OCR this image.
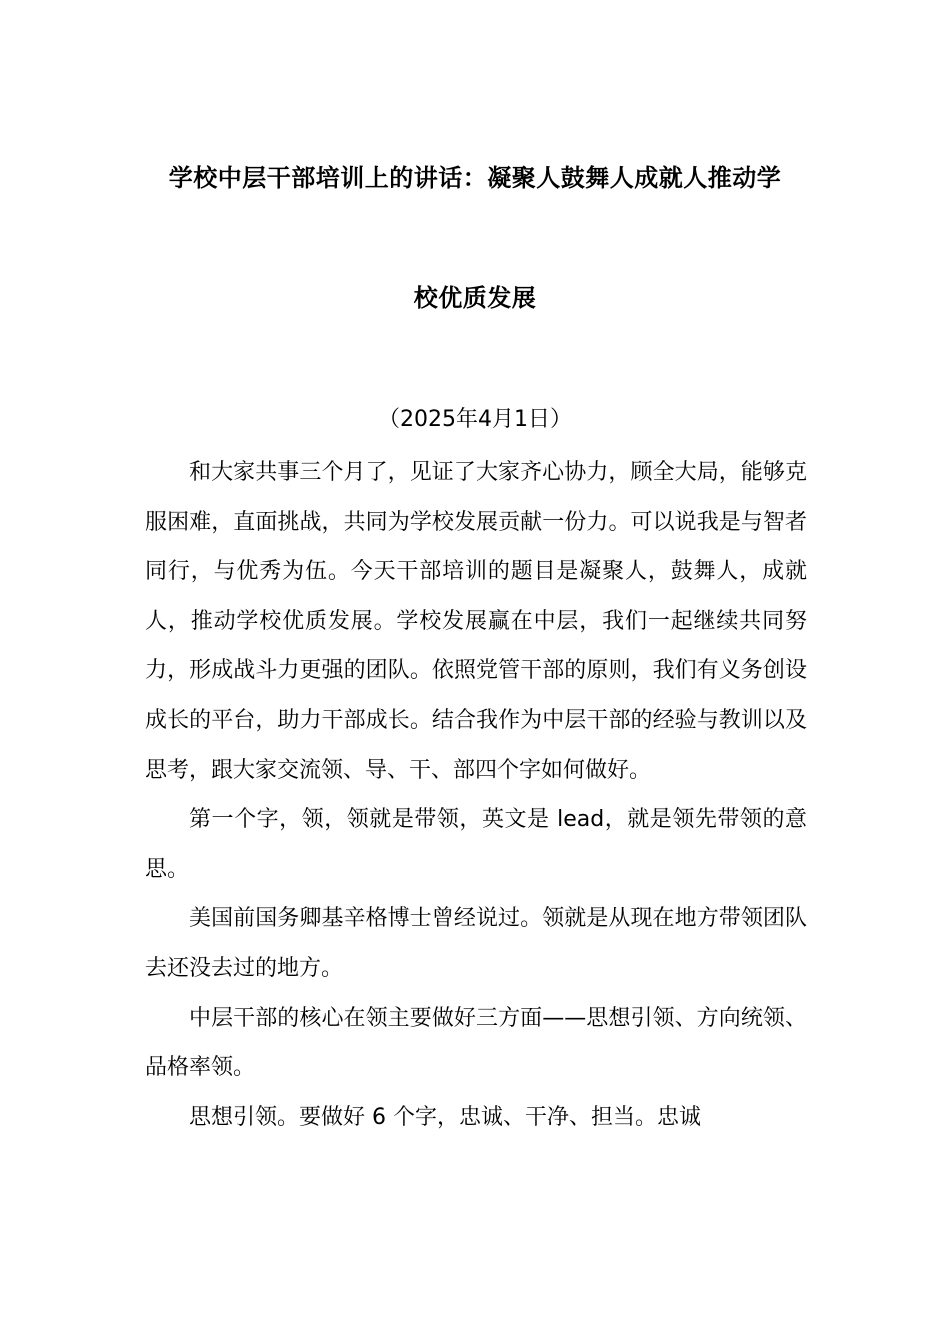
学校中层干部培训上的讲话：凝聚人鼓舞人成就人推动学
校优质发展
（2025年4月1日）

和大家共事三个月了，见证了大家齐心协力，顾全大局，能够克服困难，直面挑战，共同为学校发展贡献一份力。可以说我是与智者同行，与优秀为伍。今天干部培训的题目是凝聚人，鼓舞人，成就人，推动学校优质发展。学校发展赢在中层，我们一起继续共同努力，形成战斗力更强的团队。依照党管干部的原则，我们有义务创设成长的平台，助力干部成长。结合我作为中层干部的经验与教训以及思考，跟大家交流领、导、干、部四个字如何做好。

第一个字，领，领就是带领，英文是 lead，就是领先带领的意思。

美国前国务卿基辛格博士曾经说过。领就是从现在地方带领团队去还没去过的地方。

中层干部的核心在领主要做好三方面——思想引领、方向统领、品格率领。

思想引领。要做好 6 个字，忠诚、干净、担当。忠诚
